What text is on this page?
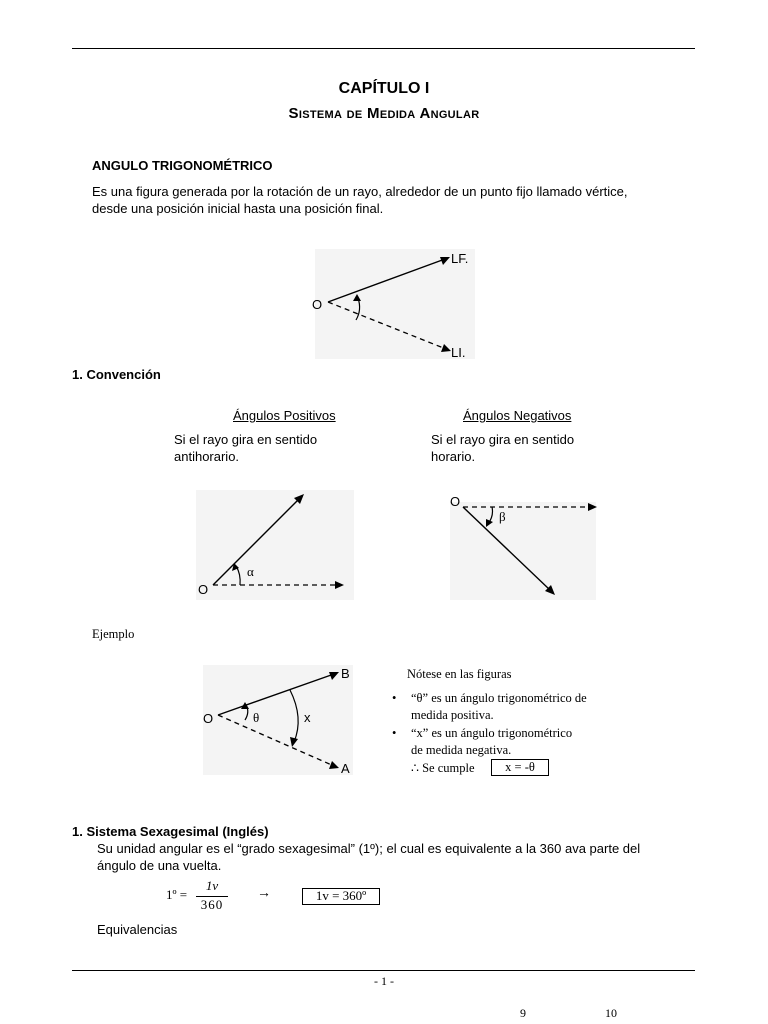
CAPÍTULO I
Sistema de Medida Angular
ANGULO TRIGONOMÉTRICO
Es una figura generada por la rotación de un rayo, alrededor de un punto fijo llamado vértice,
desde una posición inicial hasta una posición final.
O
LF.
LI.
1. Convención
Ángulos Positivos
Si el rayo gira en sentido
antihorario.
Ángulos Negativos
Si el rayo gira en sentido
horario.
O
α
O
β
Ejemplo
O
B
A
θ	x
Nótese en las figuras
• “θ” es un ángulo trigonométrico de
medida positiva.
• “x” es un ángulo trigonométrico
de medida negativa.
∴ Se cumple	x = -θ
1. Sistema Sexagesimal (Inglés)
Su unidad angular es el “grado sexagesimal” (1º); el cual es equivalente a la 360 ava parte del
ángulo de una vuelta.
1º =
1v
360
→	1v = 360º
Equivalencias
- 1 -
9	10
